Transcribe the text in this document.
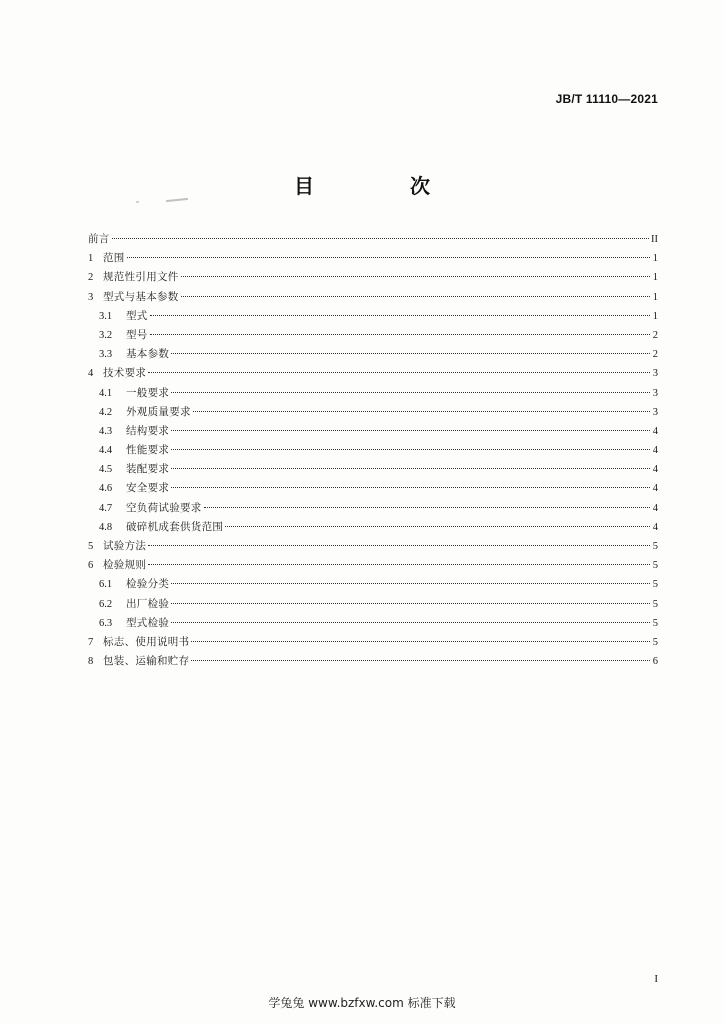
JB/T 11110—2021
目　次
前言	II
1 范围	1
2 规范性引用文件	1
3 型式与基本参数	1
3.1	型式	1
3.2	型号	2
3.3	基本参数	2
4 技术要求	3
4.1	一般要求	3
4.2	外观质量要求	3
4.3	结构要求	4
4.4	性能要求	4
4.5	装配要求	4
4.6	安全要求	4
4.7	空负荷试验要求	4
4.8	破碎机成套供货范围	4
5 试验方法	5
6 检验规则	5
6.1	检验分类	5
6.2	出厂检验	5
6.3	型式检验	5
7 标志、使用说明书	5
8 包装、运输和贮存	6
I
学兔兔 www.bzfxw.com 标准下载
